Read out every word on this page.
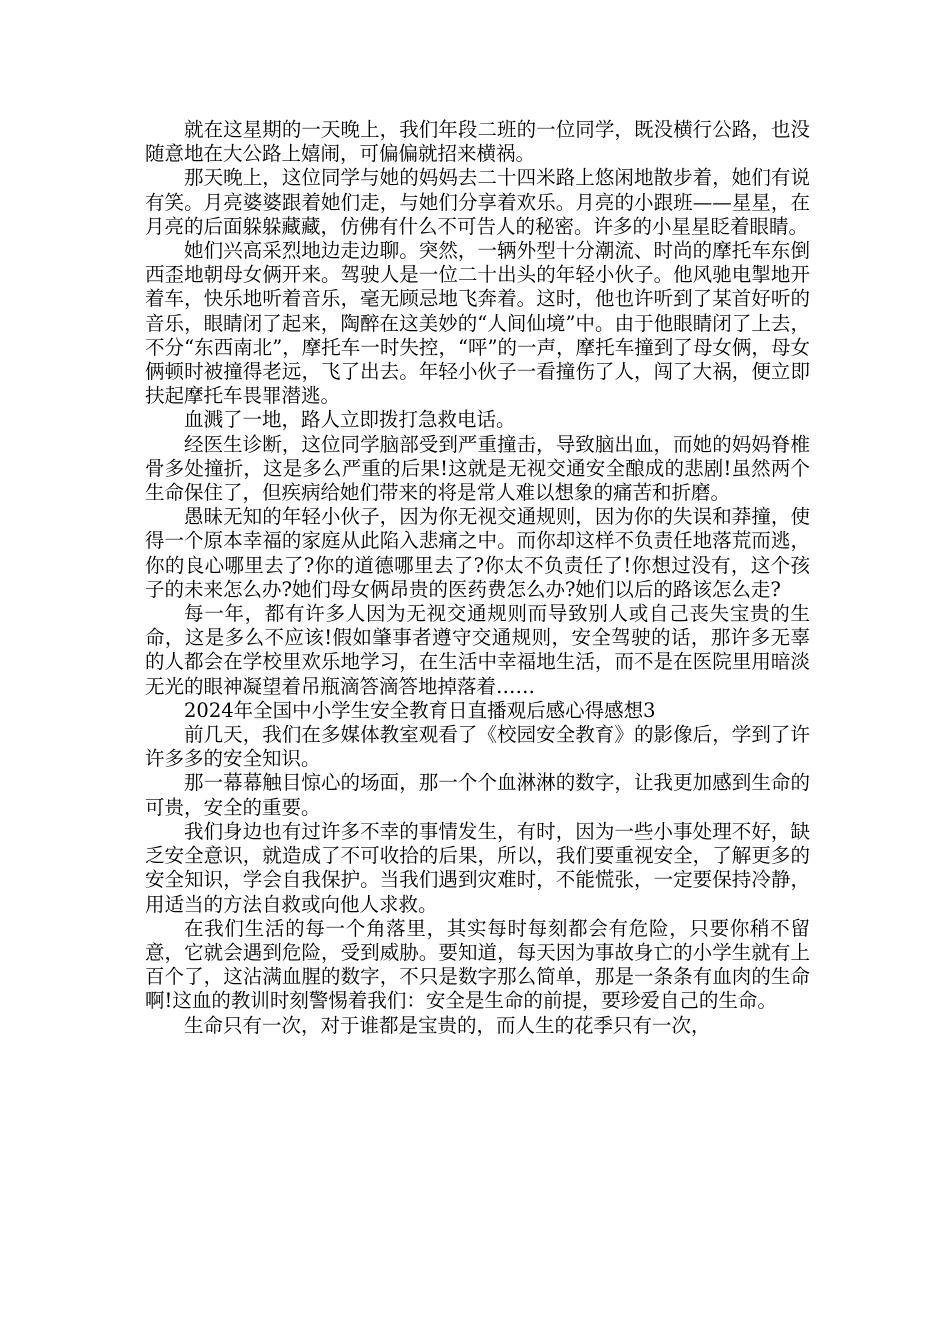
就在这星期的一天晚上，我们年段二班的一位同学，既没横行公路，也没随意地在大公路上嬉闹，可偏偏就招来横祸。

那天晚上，这位同学与她的妈妈去二十四米路上悠闲地散步着，她们有说有笑。月亮婆婆跟着她们走，与她们分享着欢乐。月亮的小跟班——星星，在月亮的后面躲躲藏藏，仿佛有什么不可告人的秘密。许多的小星星眨着眼睛。

她们兴高采烈地边走边聊。突然，一辆外型十分潮流、时尚的摩托车东倒西歪地朝母女俩开来。驾驶人是一位二十出头的年轻小伙子。他风驰电掣地开着车，快乐地听着音乐，毫无顾忌地飞奔着。这时，他也许听到了某首好听的音乐，眼睛闭了起来，陶醉在这美妙的“人间仙境”中。由于他眼睛闭了上去，不分“东西南北”，摩托车一时失控，“呯”的一声，摩托车撞到了母女俩，母女俩顿时被撞得老远，飞了出去。年轻小伙子一看撞伤了人，闯了大祸，便立即扶起摩托车畏罪潜逃。

血溅了一地，路人立即拨打急救电话。

经医生诊断，这位同学脑部受到严重撞击，导致脑出血，而她的妈妈脊椎骨多处撞折，这是多么严重的后果!这就是无视交通安全酿成的悲剧!虽然两个生命保住了，但疾病给她们带来的将是常人难以想象的痛苦和折磨。

愚昧无知的年轻小伙子，因为你无视交通规则，因为你的失误和莽撞，使得一个原本幸福的家庭从此陷入悲痛之中。而你却这样不负责任地落荒而逃，你的良心哪里去了?你的道德哪里去了?你太不负责任了!你想过没有，这个孩子的未来怎么办?她们母女俩昂贵的医药费怎么办?她们以后的路该怎么走?

每一年，都有许多人因为无视交通规则而导致别人或自己丧失宝贵的生命，这是多么不应该!假如肇事者遵守交通规则，安全驾驶的话，那许多无辜的人都会在学校里欢乐地学习，在生活中幸福地生活，而不是在医院里用暗淡无光的眼神凝望着吊瓶滴答滴答地掉落着……

2024年全国中小学生安全教育日直播观后感心得感想3

前几天，我们在多媒体教室观看了《校园安全教育》的影像后，学到了许许多多的安全知识。

那一幕幕触目惊心的场面，那一个个血淋淋的数字，让我更加感到生命的可贵，安全的重要。

我们身边也有过许多不幸的事情发生，有时，因为一些小事处理不好，缺乏安全意识，就造成了不可收拾的后果，所以，我们要重视安全，了解更多的安全知识，学会自我保护。当我们遇到灾难时，不能慌张，一定要保持冷静，用适当的方法自救或向他人求救。

在我们生活的每一个角落里，其实每时每刻都会有危险，只要你稍不留意，它就会遇到危险，受到威胁。要知道，每天因为事故身亡的小学生就有上百个了，这沾满血腥的数字，不只是数字那么简单，那是一条条有血肉的生命啊!这血的教训时刻警惕着我们：安全是生命的前提，要珍爱自己的生命。

生命只有一次，对于谁都是宝贵的，而人生的花季只有一次，
